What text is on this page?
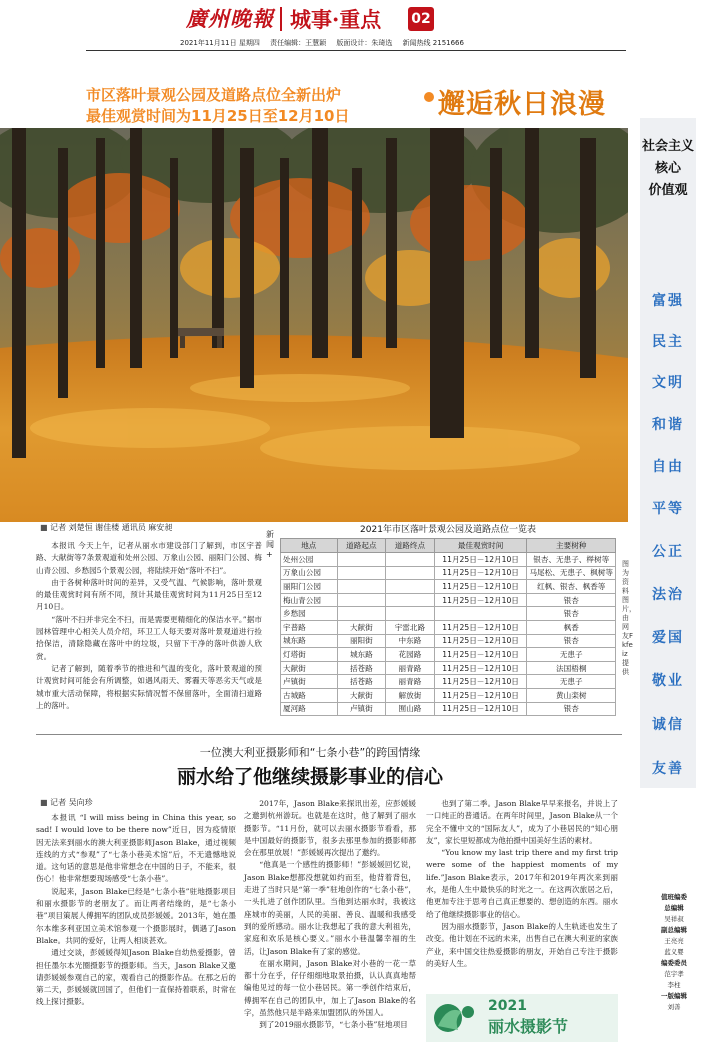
廣州晚報 城事·重点 02
2021年11月11日 星期四 责任编辑：王慧颖 版面设计：朱琦选 新闻热线 2151666
市区落叶景观公园及道路点位全新出炉
最佳观赏时间为11月25日至12月10日	邂逅秋日浪漫
社会主义
核心
价值观
富强
民主
文明
和谐
自由
平等
公正
法治
爱国
敬业
诚信
友善
图为资料图片，由网友Fkfeiz提供
■ 记者 刘楚恒 谢佳楼 通讯员 麻安昶

本报讯 今天上午，记者从丽水市建设部门了解到，市区宇普路、大献街等7条景观道和处州公园、万象山公园、丽阳门公园、梅山青公园、乡愁园5个景观公园，将陆续开始“落叶不扫”。

由于各树种落叶时间的差异，又受气温、气候影响，落叶景观的最佳观赏时间有所不同，预计其最佳观赏时间为11月25日至12月10日。

“落叶不扫并非完全不扫，而是需要更精细化的保洁水平。”据市园林管理中心相关人员介绍，环卫工人每天要对落叶景观道进行捡拾保洁，清除隐藏在落叶中的垃圾，只留下干净的落叶供游人欣赏。

记者了解到，随着季节的推进和气温的变化，落叶景观道的预计观赏时间可能会有所调整，如遇风雨天、雾霾天等恶劣天气或是城市重大活动保障，将根据实际情况暂不保留落叶，全面清扫道路上的落叶。

新闻+
2021年市区落叶景观公园及道路点位一览表
地点	道路起点	道路终点	最佳观赏时间	主要树种
处州公园			11月25日－12月10日	银杏、无患子、榉树等
万象山公园			11月25日－12月10日	马尾松、无患子、枫树等
丽阳门公园			11月25日－12月10日	红枫、银杏、枫香等
梅山青公园			11月25日－12月10日	银杏
乡愁园				银杏
宇普路	大献街	宇雷北路	11月25日－12月10日	枫香
城东路	丽阳街	中东路	11月25日－12月10日	银杏
灯塔街	城东路	花园路	11月25日－12月10日	无患子
大献街	括苍路	丽青路	11月25日－12月10日	法国梧桐
卢镇街	括苍路	丽青路	11月25日－12月10日	无患子
古城路	大献街	解放街	11月25日－12月10日	黄山栾树
厦河路	卢镇街	囿山路	11月25日－12月10日	银杏
一位澳大利亚摄影师和“七条小巷”的跨国情缘
丽水给了他继续摄影事业的信心
■ 记者 吴向珍

本报讯 “I will miss being in China this year, so sad! I would love to be there now”近日，因为疫情原因无法来到丽水的澳大利亚摄影师Jason Blake，通过视频连线的方式“参观”了“七条小巷美术馆”后，不无遗憾地说道。这句话的意思是他非常想念在中国的日子，不能来，很伤心！他非常想要现场感受“七条小巷”。

说起来，Jason Blake已经是“七条小巷”驻地摄影项目和丽水摄影节的老朋友了。而让两者结缘的，是“七条小巷”项目策展人傅拥军的团队成员彭媛媛。2013年，她在墨尔本维多利亚国立美术馆参观一个摄影展时，偶遇了Jason Blake。共同的爱好，让两人相谈甚欢。

通过交谈，彭媛媛得知Jason Blake自幼热爱摄影，曾担任墨尔本光圈摄影节的摄影师。当天，Jason Blake又邀请彭媛媛参观自己的家，观看自己的摄影作品。在那之后的第二天，彭媛媛就回国了，但他们一直保持着联系，时常在线上探讨摄影。

2017年，Jason Blake来探讯出差，应彭媛媛之邀到杭州游玩。也就是在这时，他了解到了丽水摄影节。“11月份，就可以去丽水摄影节看看，那是中国最好的摄影节，很多去那里参加的摄影师都会在那里放展！”彭媛媛再次提出了邀约。

“他真是一个感性的摄影师！”彭媛媛回忆说，Jason Blake想都没想就如约而至，他背着背包，走进了当时只是“第一季”驻地创作的“七条小巷”，一头扎进了创作团队里。当他到达丽水时，我被这座城市的美丽，人民的美丽、善良、温暖和我感受到的爱所感动。丽水让我想起了我的意大利祖先，家庭和欢乐是核心要义。”丽水小巷温馨幸福的生活，让Jason Blake有了家的感觉。

在丽水期间，Jason Blake对小巷的一花一草都十分在乎，仔仔细细地取景拍摄，认认真真地帮编他见过的每一位小巷居民。第一季创作结束后，傅拥军在自己的团队中，加上了Jason Blake的名字，虽然他只是半路来加盟团队的外国人。

到了2019丽水摄影节，“七条小巷”驻地项目

也到了第二季。Jason Blake早早来报名，并说上了一口纯正的普通话。在两年时间里，Jason Blake从一个完全不懂中文的“国际友人”，成为了小巷居民的“知心朋友”，家长里短都成为他拍摄中国美好生活的素材。

“You know my last trip there and my first trip were some of the happiest moments of my life.”Jason Blake表示，2017年和2019年两次来到丽水，是他人生中最快乐的时光之一。在这两次旅居之后，他更加专注于思考自己真正想要的、想创造的东西。丽水给了他继续摄影事业的信心。

因为丽水摄影节，Jason Blake的人生轨迹也发生了改变。他计划在不远的未来，出售自己在澳大利亚的家族产业，来中国交往热爱摄影的朋友，开始自己专注于摄影的美好人生。

2021
丽水摄影节
值班编委
总编辑
吴祥叔
副总编辑
王亮亮
蓝义婴
编委委员
范宇孝
李柱
一版编辑
刘善
